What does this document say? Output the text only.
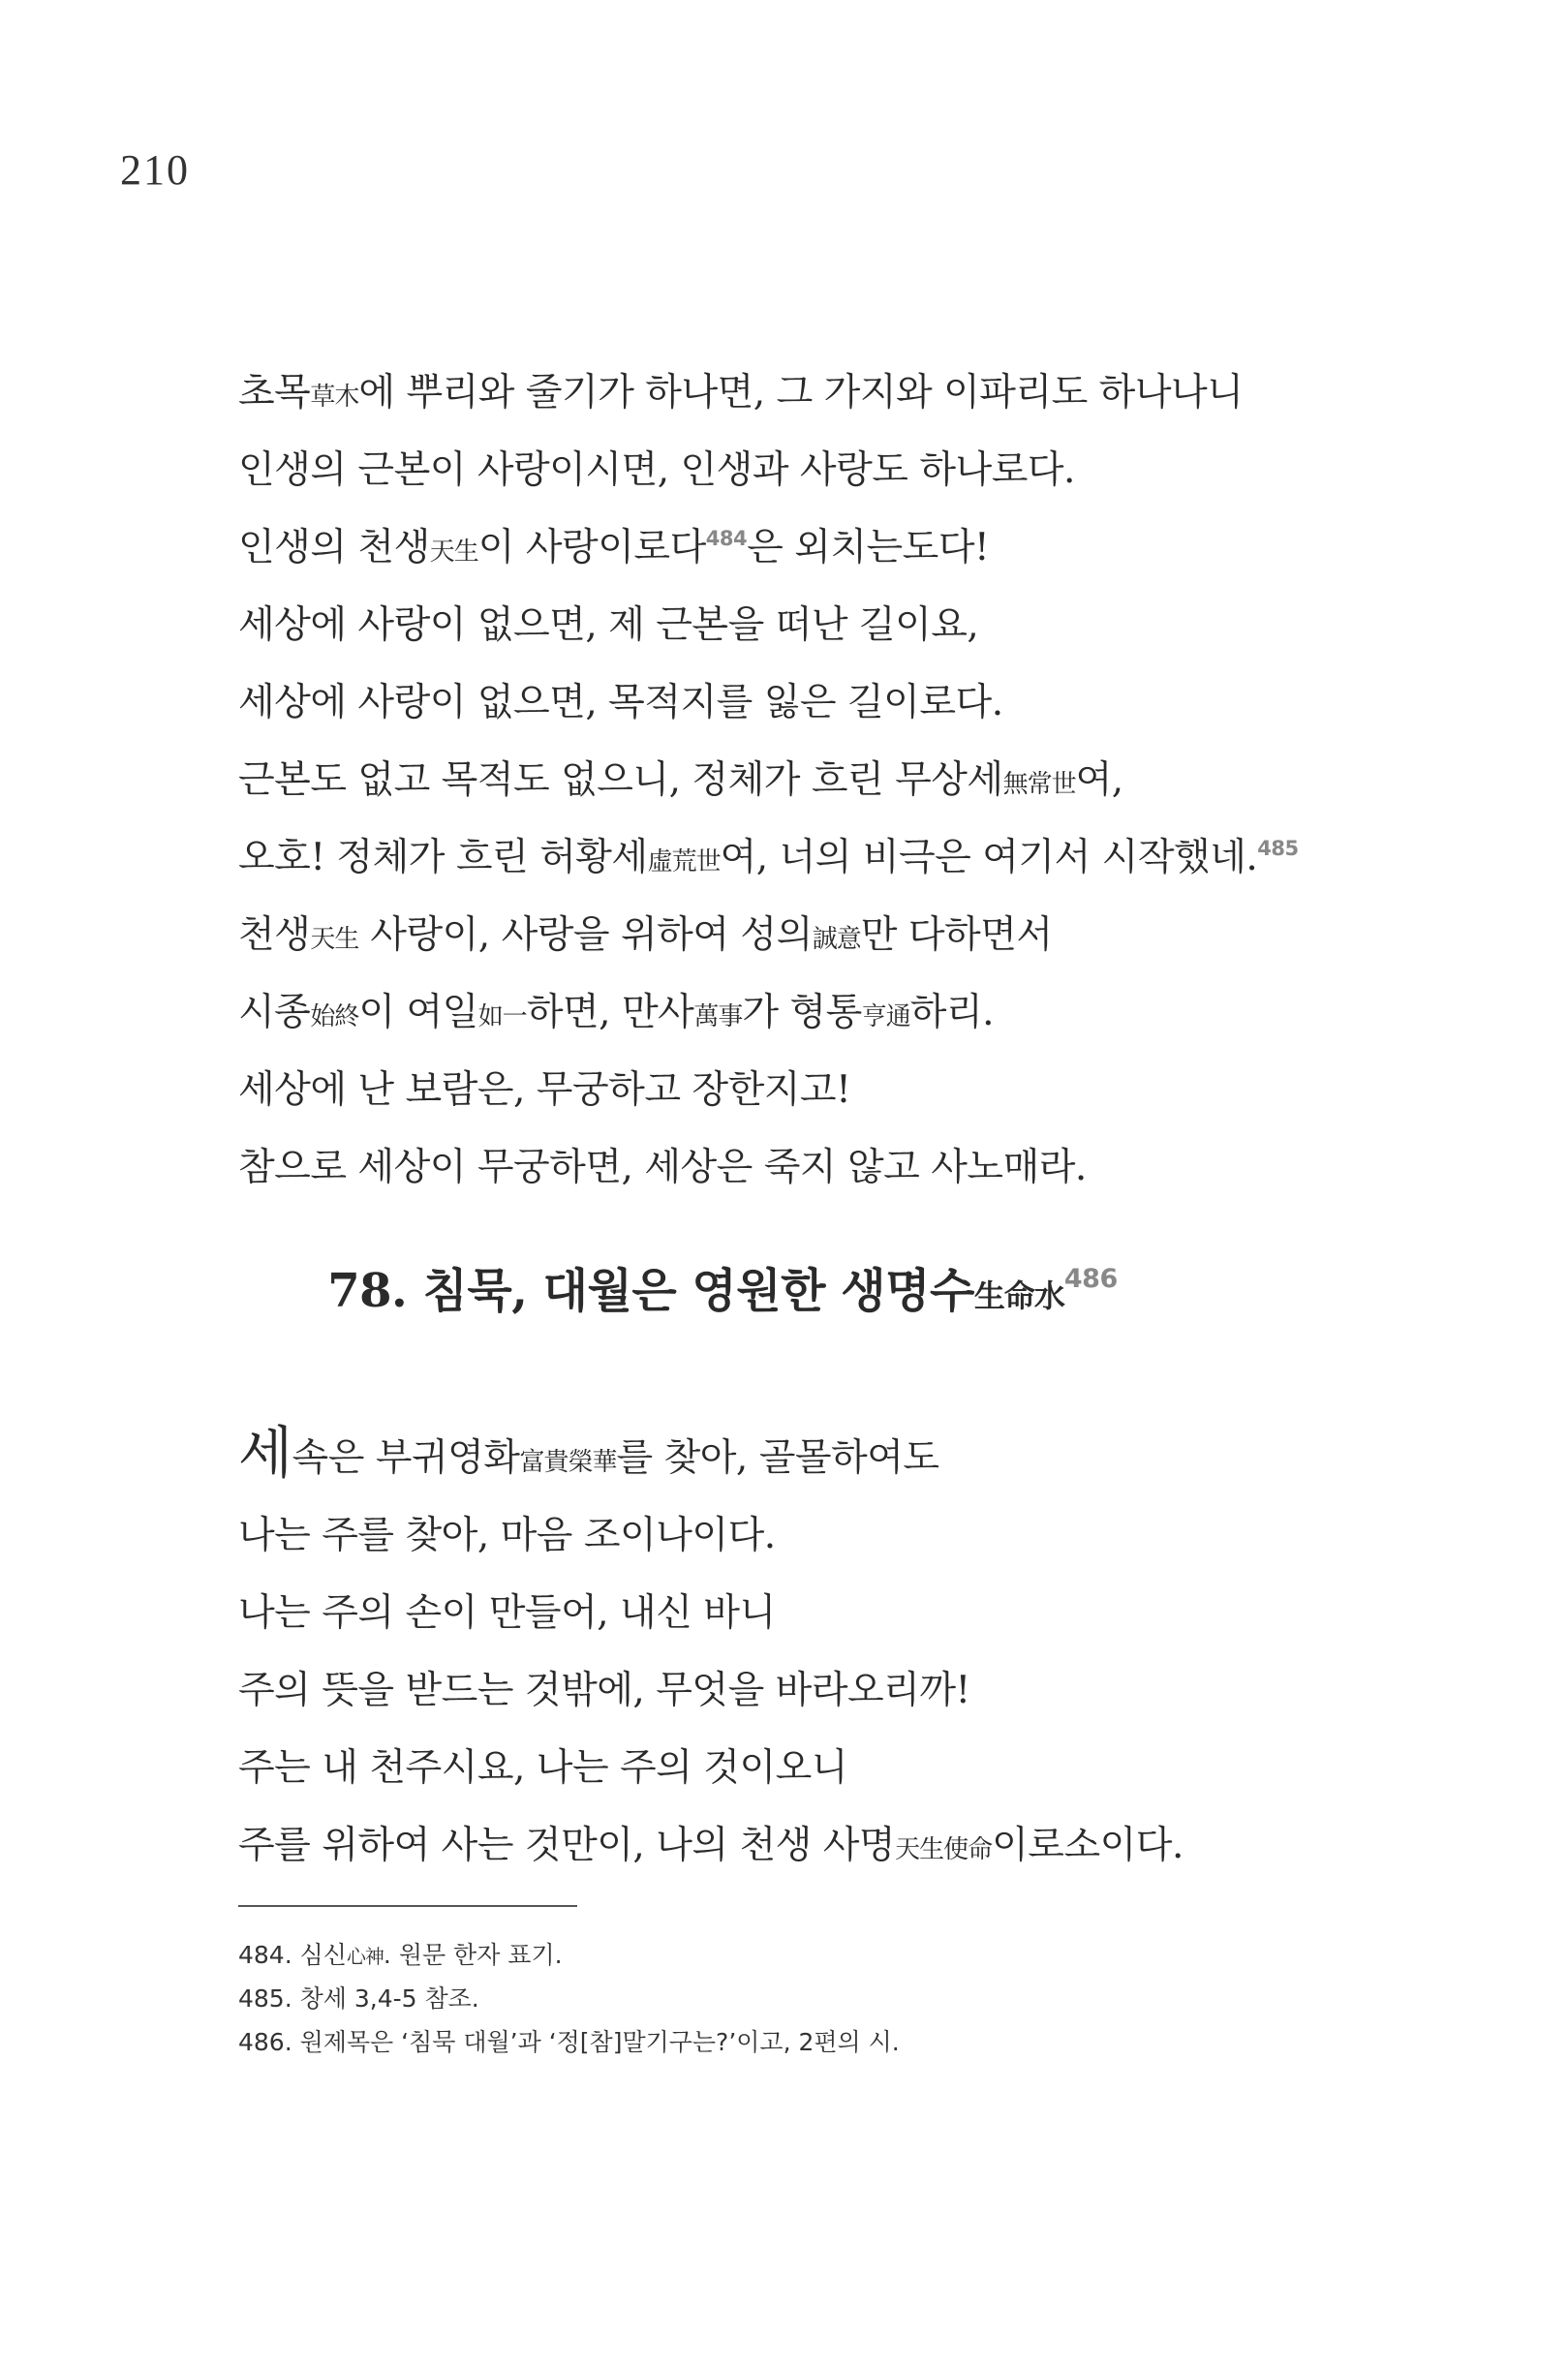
210
초목草木에 뿌리와 줄기가 하나면, 그 가지와 이파리도 하나나니
인생의 근본이 사랑이시면, 인생과 사랑도 하나로다.
인생의 천생天生이 사랑이로다$^{484}$은 외치는도다!
세상에 사랑이 없으면, 제 근본을 떠난 길이요,
세상에 사랑이 없으면, 목적지를 잃은 길이로다.
근본도 없고 목적도 없으니, 정체가 흐린 무상세無常世여,
오호! 정체가 흐린 허황세虛荒世여, 너의 비극은 여기서 시작했네.$^{485}$
천생天生 사랑이, 사랑을 위하여 성의誠意만 다하면서
시종始終이 여일如一하면, 만사萬事가 형통亨通하리.
세상에 난 보람은, 무궁하고 장한지고!
참으로 세상이 무궁하면, 세상은 죽지 않고 사노매라.
78. 침묵, 대월은 영원한 생명수生命水$^{486}$
세속은 부귀영화富貴榮華를 찾아, 골몰하여도
나는 주를 찾아, 마음 조이나이다.
나는 주의 손이 만들어, 내신 바니
주의 뜻을 받드는 것밖에, 무엇을 바라오리까!
주는 내 천주시요, 나는 주의 것이오니
주를 위하여 사는 것만이, 나의 천생 사명天生使命이로소이다.
484. 심신心神. 원문 한자 표기.
485. 창세 3,4-5 참조.
486. 원제목은 ‘침묵 대월’과 ‘정[참]말기구는?’이고, 2편의 시.
